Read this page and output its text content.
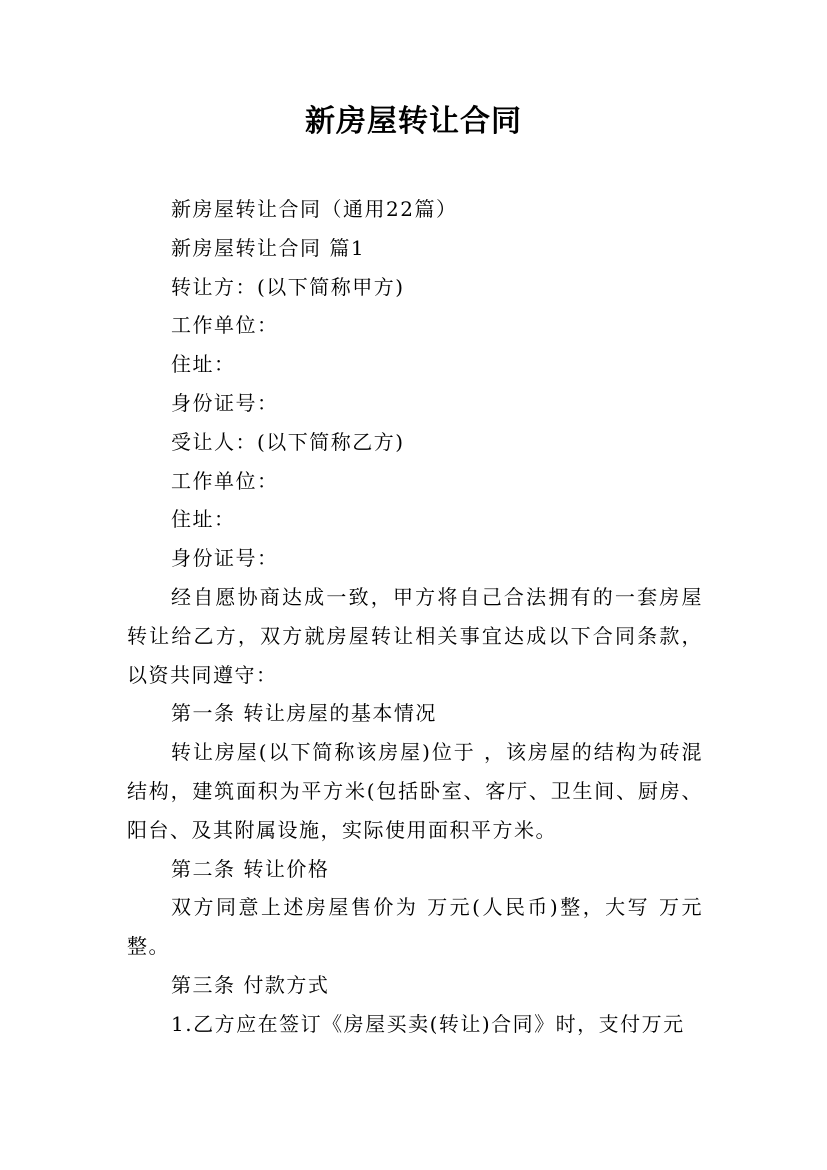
新房屋转让合同

新房屋转让合同（通用22篇）

新房屋转让合同 篇1

转让方：(以下简称甲方)

工作单位：

住址：

身份证号：

受让人：(以下简称乙方)

工作单位：

住址：

身份证号：

经自愿协商达成一致，甲方将自己合法拥有的一套房屋转让给乙方，双方就房屋转让相关事宜达成以下合同条款，以资共同遵守：

第一条 转让房屋的基本情况

转让房屋(以下简称该房屋)位于 ，该房屋的结构为砖混结构，建筑面积为平方米(包括卧室、客厅、卫生间、厨房、阳台、及其附属设施，实际使用面积平方米。

第二条 转让价格

双方同意上述房屋售价为 万元(人民币)整，大写 万元整。

第三条 付款方式

1.乙方应在签订《房屋买卖(转让)合同》时，支付万元
